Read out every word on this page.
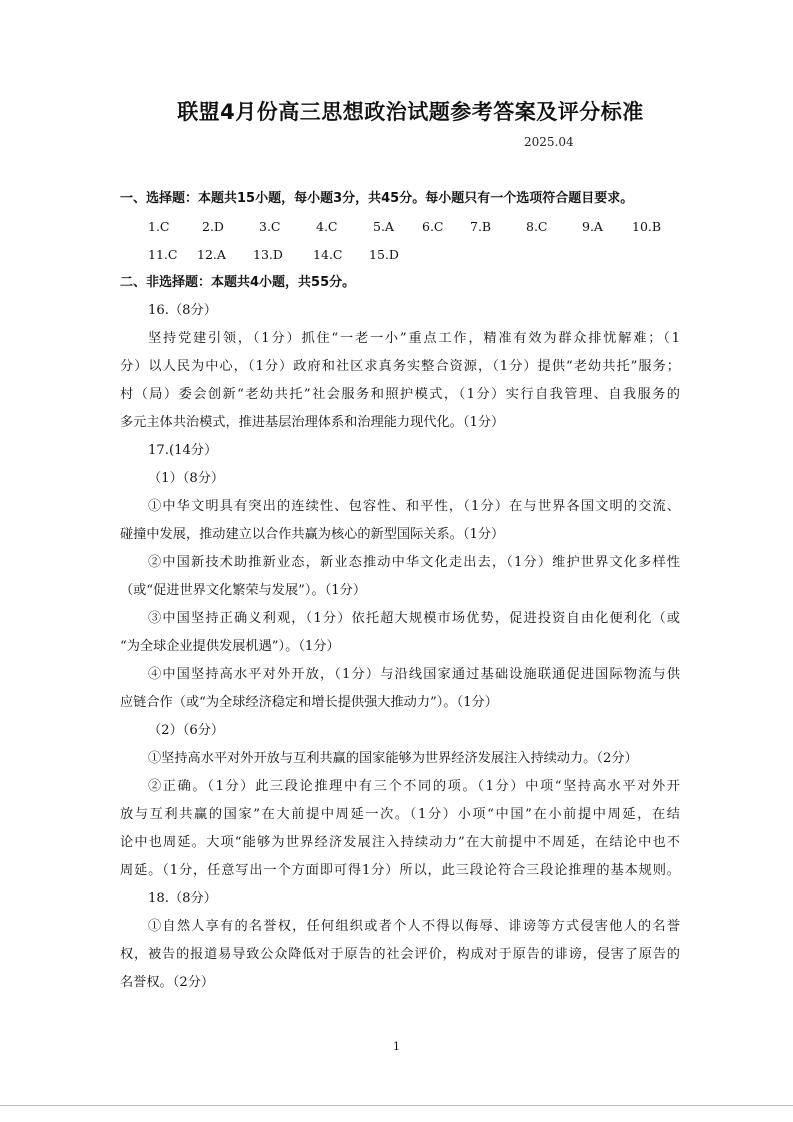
联盟4月份高三思想政治试题参考答案及评分标准
2025.04
一、选择题：本题共15小题，每小题3分，共45分。每小题只有一个选项符合题目要求。
1.C	2.D	3.C	4.C	5.A 6.C 7.B	8.C	9.A 10.B
11.C 12.A 13.D 14.C 15.D
二、非选择题：本题共4小题，共55分。
16.（8分）
坚持党建引领，（1分）抓住“一老一小”重点工作，精准有效为群众排忧解难；（1
分）以人民为中心，（1分）政府和社区求真务实整合资源，（1分）提供“老幼共托”服务；
村（局）委会创新“老幼共托”社会服务和照护模式，（1分）实行自我管理、自我服务的
多元主体共治模式，推进基层治理体系和治理能力现代化。（1分）
17.(14分）
（1）（8分）
①中华文明具有突出的连续性、包容性、和平性，（1分）在与世界各国文明的交流、
碰撞中发展，推动建立以合作共赢为核心的新型国际关系。（1分）
②中国新技术助推新业态，新业态推动中华文化走出去，（1分）维护世界文化多样性
（或“促进世界文化繁荣与发展”）。（1分）
③中国坚持正确义利观，（1分）依托超大规模市场优势，促进投资自由化便利化（或
“为全球企业提供发展机遇”）。（1分）
④中国坚持高水平对外开放，（1分）与沿线国家通过基础设施联通促进国际物流与供
应链合作（或“为全球经济稳定和增长提供强大推动力”）。（1分）
（2）（6分）
①坚持高水平对外开放与互利共赢的国家能够为世界经济发展注入持续动力。（2分）
②正确。（1分）此三段论推理中有三个不同的项。（1分）中项“坚持高水平对外开
放与互利共赢的国家”在大前提中周延一次。（1分）小项“中国”在小前提中周延，在结
论中也周延。大项“能够为世界经济发展注入持续动力”在大前提中不周延，在结论中也不
周延。（1分，任意写出一个方面即可得1分）所以，此三段论符合三段论推理的基本规则。
18.（8分）
①自然人享有的名誉权，任何组织或者个人不得以侮辱、诽谤等方式侵害他人的名誉
权，被告的报道易导致公众降低对于原告的社会评价，构成对于原告的诽谤，侵害了原告的
名誉权。（2分）
1
